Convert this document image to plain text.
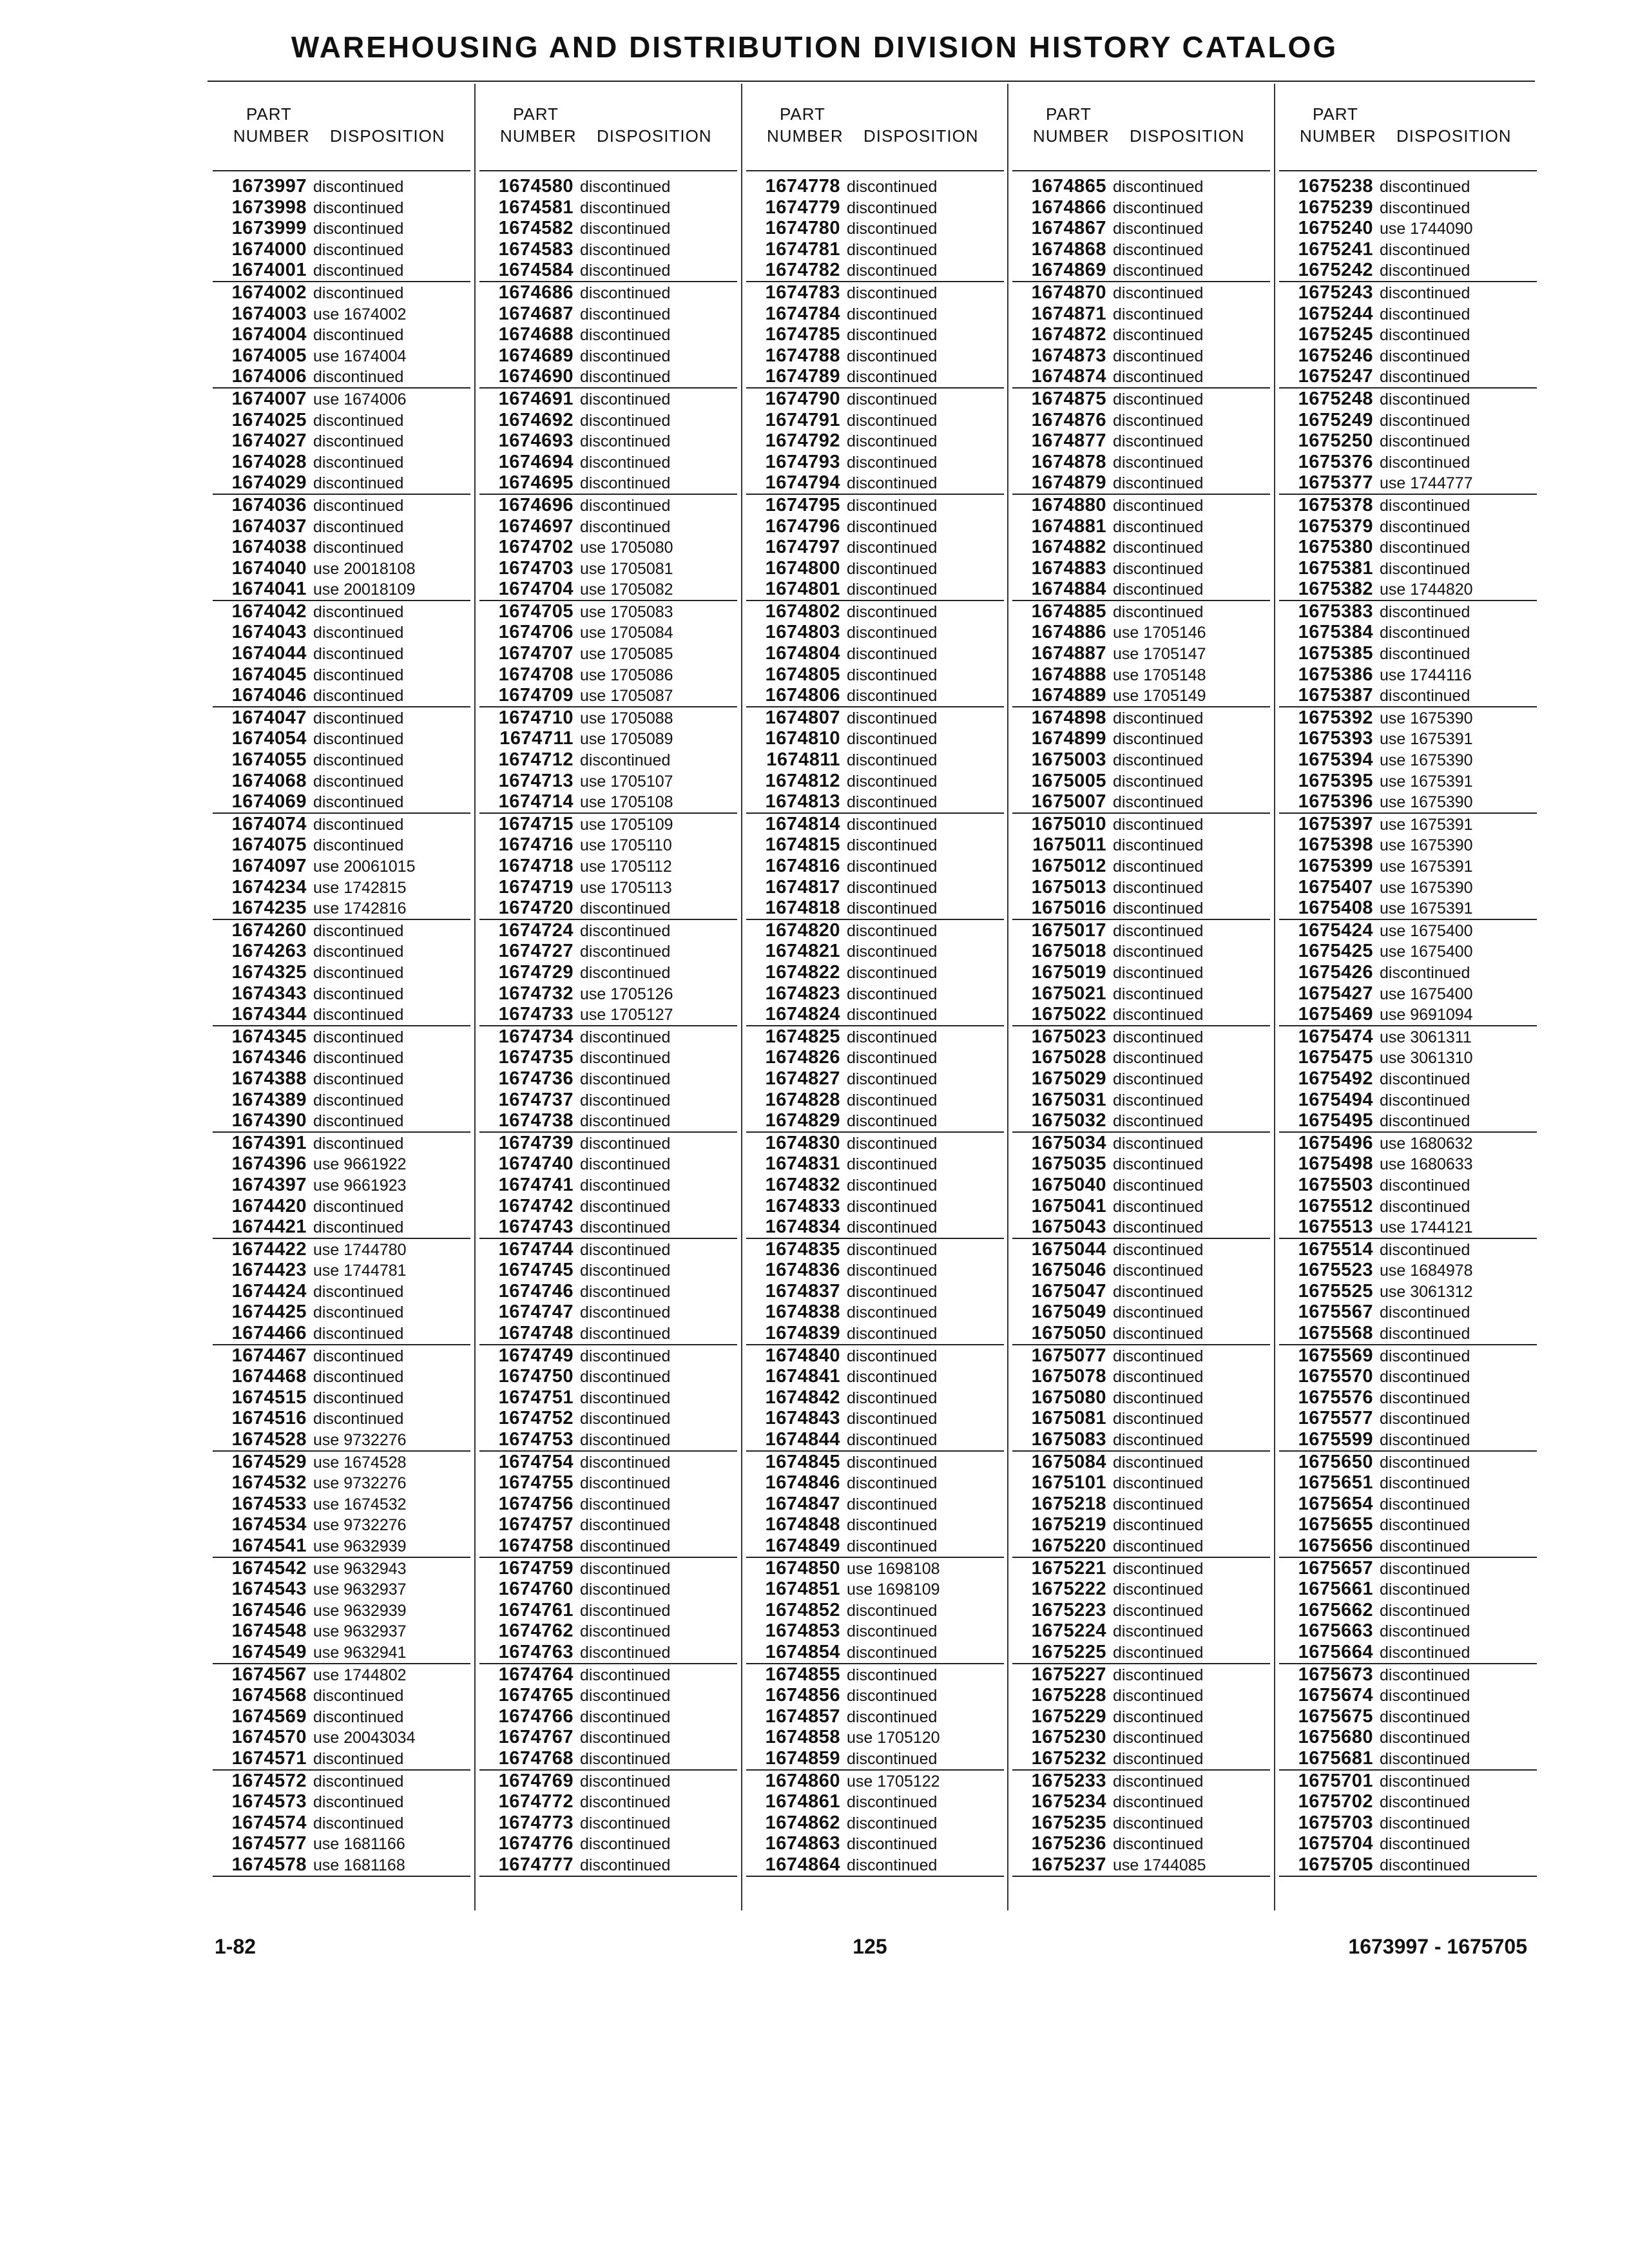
WAREHOUSING AND DISTRIBUTION DIVISION HISTORY CATALOG
PART
NUMBER DISPOSITION
1673997 discontinued
1673998 discontinued
1673999 discontinued
1674000 discontinued
1674001 discontinued
1674002 discontinued
1674003 use 1674002
1674004 discontinued
1674005 use 1674004
1674006 discontinued
1674007 use 1674006
1674025 discontinued
1674027 discontinued
1674028 discontinued
1674029 discontinued
1674036 discontinued
1674037 discontinued
1674038 discontinued
1674040 use 20018108
1674041 use 20018109
1674042 discontinued
1674043 discontinued
1674044 discontinued
1674045 discontinued
1674046 discontinued
1674047 discontinued
1674054 discontinued
1674055 discontinued
1674068 discontinued
1674069 discontinued
1674074 discontinued
1674075 discontinued
1674097 use 20061015
1674234 use 1742815
1674235 use 1742816
1674260 discontinued
1674263 discontinued
1674325 discontinued
1674343 discontinued
1674344 discontinued
1674345 discontinued
1674346 discontinued
1674388 discontinued
1674389 discontinued
1674390 discontinued
1674391 discontinued
1674396 use 9661922
1674397 use 9661923
1674420 discontinued
1674421 discontinued
1674422 use 1744780
1674423 use 1744781
1674424 discontinued
1674425 discontinued
1674466 discontinued
1674467 discontinued
1674468 discontinued
1674515 discontinued
1674516 discontinued
1674528 use 9732276
1674529 use 1674528
1674532 use 9732276
1674533 use 1674532
1674534 use 9732276
1674541 use 9632939
1674542 use 9632943
1674543 use 9632937
1674546 use 9632939
1674548 use 9632937
1674549 use 9632941
1674567 use 1744802
1674568 discontinued
1674569 discontinued
1674570 use 20043034
1674571 discontinued
1674572 discontinued
1674573 discontinued
1674574 discontinued
1674577 use 1681166
1674578 use 1681168
PART
NUMBER DISPOSITION
1674580 discontinued
1674581 discontinued
1674582 discontinued
1674583 discontinued
1674584 discontinued
1674686 discontinued
1674687 discontinued
1674688 discontinued
1674689 discontinued
1674690 discontinued
1674691 discontinued
1674692 discontinued
1674693 discontinued
1674694 discontinued
1674695 discontinued
1674696 discontinued
1674697 discontinued
1674702 use 1705080
1674703 use 1705081
1674704 use 1705082
1674705 use 1705083
1674706 use 1705084
1674707 use 1705085
1674708 use 1705086
1674709 use 1705087
1674710 use 1705088
1674711 use 1705089
1674712 discontinued
1674713 use 1705107
1674714 use 1705108
1674715 use 1705109
1674716 use 1705110
1674718 use 1705112
1674719 use 1705113
1674720 discontinued
1674724 discontinued
1674727 discontinued
1674729 discontinued
1674732 use 1705126
1674733 use 1705127
1674734 discontinued
1674735 discontinued
1674736 discontinued
1674737 discontinued
1674738 discontinued
1674739 discontinued
1674740 discontinued
1674741 discontinued
1674742 discontinued
1674743 discontinued
1674744 discontinued
1674745 discontinued
1674746 discontinued
1674747 discontinued
1674748 discontinued
1674749 discontinued
1674750 discontinued
1674751 discontinued
1674752 discontinued
1674753 discontinued
1674754 discontinued
1674755 discontinued
1674756 discontinued
1674757 discontinued
1674758 discontinued
1674759 discontinued
1674760 discontinued
1674761 discontinued
1674762 discontinued
1674763 discontinued
1674764 discontinued
1674765 discontinued
1674766 discontinued
1674767 discontinued
1674768 discontinued
1674769 discontinued
1674772 discontinued
1674773 discontinued
1674776 discontinued
1674777 discontinued
PART
NUMBER DISPOSITION
1674778 discontinued
1674779 discontinued
1674780 discontinued
1674781 discontinued
1674782 discontinued
1674783 discontinued
1674784 discontinued
1674785 discontinued
1674788 discontinued
1674789 discontinued
1674790 discontinued
1674791 discontinued
1674792 discontinued
1674793 discontinued
1674794 discontinued
1674795 discontinued
1674796 discontinued
1674797 discontinued
1674800 discontinued
1674801 discontinued
1674802 discontinued
1674803 discontinued
1674804 discontinued
1674805 discontinued
1674806 discontinued
1674807 discontinued
1674810 discontinued
1674811 discontinued
1674812 discontinued
1674813 discontinued
1674814 discontinued
1674815 discontinued
1674816 discontinued
1674817 discontinued
1674818 discontinued
1674820 discontinued
1674821 discontinued
1674822 discontinued
1674823 discontinued
1674824 discontinued
1674825 discontinued
1674826 discontinued
1674827 discontinued
1674828 discontinued
1674829 discontinued
1674830 discontinued
1674831 discontinued
1674832 discontinued
1674833 discontinued
1674834 discontinued
1674835 discontinued
1674836 discontinued
1674837 discontinued
1674838 discontinued
1674839 discontinued
1674840 discontinued
1674841 discontinued
1674842 discontinued
1674843 discontinued
1674844 discontinued
1674845 discontinued
1674846 discontinued
1674847 discontinued
1674848 discontinued
1674849 discontinued
1674850 use 1698108
1674851 use 1698109
1674852 discontinued
1674853 discontinued
1674854 discontinued
1674855 discontinued
1674856 discontinued
1674857 discontinued
1674858 use 1705120
1674859 discontinued
1674860 use 1705122
1674861 discontinued
1674862 discontinued
1674863 discontinued
1674864 discontinued
PART
NUMBER DISPOSITION
1674865 discontinued
1674866 discontinued
1674867 discontinued
1674868 discontinued
1674869 discontinued
1674870 discontinued
1674871 discontinued
1674872 discontinued
1674873 discontinued
1674874 discontinued
1674875 discontinued
1674876 discontinued
1674877 discontinued
1674878 discontinued
1674879 discontinued
1674880 discontinued
1674881 discontinued
1674882 discontinued
1674883 discontinued
1674884 discontinued
1674885 discontinued
1674886 use 1705146
1674887 use 1705147
1674888 use 1705148
1674889 use 1705149
1674898 discontinued
1674899 discontinued
1675003 discontinued
1675005 discontinued
1675007 discontinued
1675010 discontinued
1675011 discontinued
1675012 discontinued
1675013 discontinued
1675016 discontinued
1675017 discontinued
1675018 discontinued
1675019 discontinued
1675021 discontinued
1675022 discontinued
1675023 discontinued
1675028 discontinued
1675029 discontinued
1675031 discontinued
1675032 discontinued
1675034 discontinued
1675035 discontinued
1675040 discontinued
1675041 discontinued
1675043 discontinued
1675044 discontinued
1675046 discontinued
1675047 discontinued
1675049 discontinued
1675050 discontinued
1675077 discontinued
1675078 discontinued
1675080 discontinued
1675081 discontinued
1675083 discontinued
1675084 discontinued
1675101 discontinued
1675218 discontinued
1675219 discontinued
1675220 discontinued
1675221 discontinued
1675222 discontinued
1675223 discontinued
1675224 discontinued
1675225 discontinued
1675227 discontinued
1675228 discontinued
1675229 discontinued
1675230 discontinued
1675232 discontinued
1675233 discontinued
1675234 discontinued
1675235 discontinued
1675236 discontinued
1675237 use 1744085
PART
NUMBER DISPOSITION
1675238 discontinued
1675239 discontinued
1675240 use 1744090
1675241 discontinued
1675242 discontinued
1675243 discontinued
1675244 discontinued
1675245 discontinued
1675246 discontinued
1675247 discontinued
1675248 discontinued
1675249 discontinued
1675250 discontinued
1675376 discontinued
1675377 use 1744777
1675378 discontinued
1675379 discontinued
1675380 discontinued
1675381 discontinued
1675382 use 1744820
1675383 discontinued
1675384 discontinued
1675385 discontinued
1675386 use 1744116
1675387 discontinued
1675392 use 1675390
1675393 use 1675391
1675394 use 1675390
1675395 use 1675391
1675396 use 1675390
1675397 use 1675391
1675398 use 1675390
1675399 use 1675391
1675407 use 1675390
1675408 use 1675391
1675424 use 1675400
1675425 use 1675400
1675426 discontinued
1675427 use 1675400
1675469 use 9691094
1675474 use 3061311
1675475 use 3061310
1675492 discontinued
1675494 discontinued
1675495 discontinued
1675496 use 1680632
1675498 use 1680633
1675503 discontinued
1675512 discontinued
1675513 use 1744121
1675514 discontinued
1675523 use 1684978
1675525 use 3061312
1675567 discontinued
1675568 discontinued
1675569 discontinued
1675570 discontinued
1675576 discontinued
1675577 discontinued
1675599 discontinued
1675650 discontinued
1675651 discontinued
1675654 discontinued
1675655 discontinued
1675656 discontinued
1675657 discontinued
1675661 discontinued
1675662 discontinued
1675663 discontinued
1675664 discontinued
1675673 discontinued
1675674 discontinued
1675675 discontinued
1675680 discontinued
1675681 discontinued
1675701 discontinued
1675702 discontinued
1675703 discontinued
1675704 discontinued
1675705 discontinued
1-82	125	1673997 - 1675705
